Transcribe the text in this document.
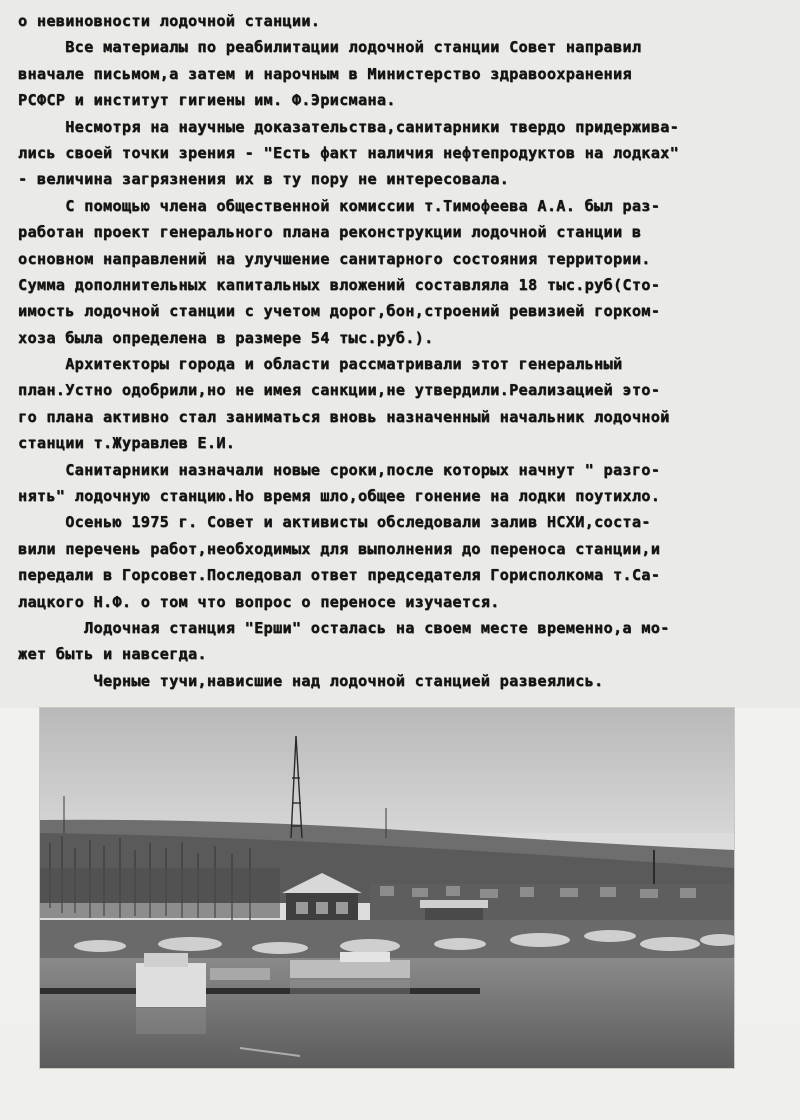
о невиновности лодочной станции.
Все материалы по реабилитации лодочной станции Совет направил
вначале письмом,а затем и нарочным в Министерство здравоохранения
РСФСР и институт гигиены им. Ф.Эрисмана.
Несмотря на научные доказательства,санитарники твердо придерживa-
лись своей точки зрения - "Есть факт наличия нефтепродуктов на лодках"
- величина загрязнения их в ту пору не интересовала.
С помощью члена общественной комиссии т.Тимофеева А.А. был раз-
работан проект генерального плана реконструкции лодочной станции в
основном направлений на улучшение санитарного состояния территории.
Сумма дополнительных капитальных вложений составляла 18 тыс.руб(Сто-
имость лодочной станции с учетом дорог,бон,строений ревизией горком-
хоза была определена в размере 54 тыс.руб.).
Архитекторы города и области рассматривали этот генеральный
план.Устно одобрили,но не имея санкции,не утвердили.Реализацией это-
го плана активно стал заниматься вновь назначенный начальник лодочной
станции т.Журавлев Е.И.
Санитарники назначали новые сроки,после которых начнут " разго-
нять" лодочную станцию.Но время шло,общее гонение на лодки поутихло.
Осенью 1975 г. Совет и активисты обследовали залив НСХИ,соста-
вили перечень работ,необходимых для выполнения до переноса станции,и
передали в Горсовет.Последовал ответ председателя Горисполкома т.Са-
лацкого Н.Ф. о том что вопрос о переносе изучается.
Лодочная станция "Ерши" осталась на своем месте временно,а мо-
жет быть и навсегда.
Черные тучи,нависшие над лодочной станцией развеялись.
